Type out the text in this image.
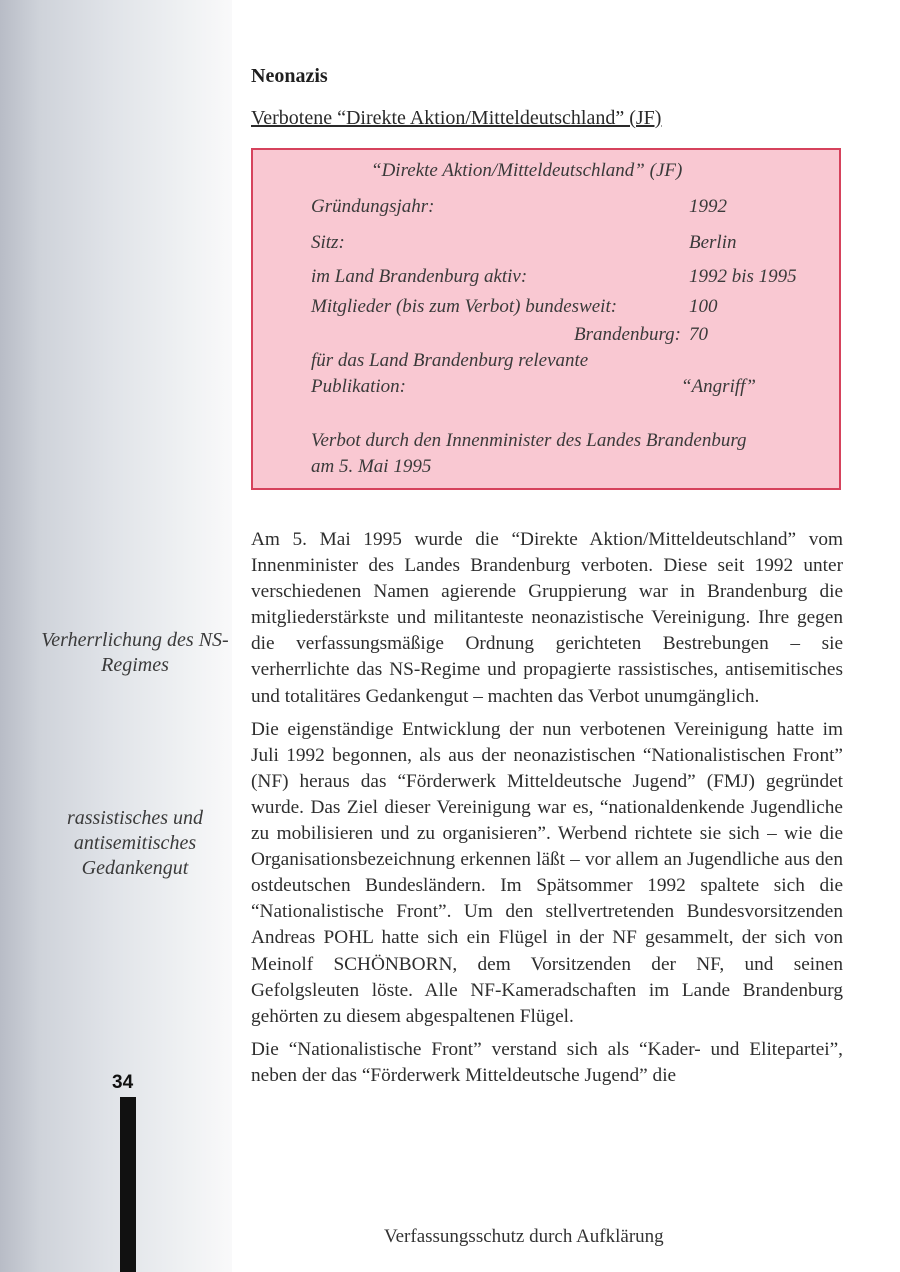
Verherrlichung des NS-Regimes
rassistisches und antisemitisches Gedankengut
34
Neonazis
Verbotene “Direkte Aktion/Mitteldeutschland” (JF)
“Direkte Aktion/Mitteldeutschland” (JF)
Gründungsjahr:	1992
Sitz:	Berlin
im Land Brandenburg aktiv:	1992 bis 1995
Mitglieder (bis zum Verbot) bundesweit:	100
Brandenburg: 70
für das Land Brandenburg relevante
Publikation:	“Angriff”
Verbot durch den Innenminister des Landes Brandenburg
am 5. Mai 1995

Am 5. Mai 1995 wurde die “Direkte Aktion/Mitteldeutschland” vom Innenminister des Landes Brandenburg verboten. Diese seit 1992 unter verschiedenen Namen agierende Gruppierung war in Brandenburg die mitgliederstärkste und militanteste neonazistische Vereinigung. Ihre gegen die verfassungsmäßige Ordnung gerichteten Bestrebungen – sie verherrlichte das NS-Regime und propagierte rassistisches, antisemitisches und totalitäres Gedankengut – machten das Verbot unumgänglich.

Die eigenständige Entwicklung der nun verbotenen Vereinigung hatte im Juli 1992 begonnen, als aus der neonazistischen “Nationalistischen Front” (NF) heraus das “Förderwerk Mitteldeutsche Jugend” (FMJ) gegründet wurde. Das Ziel dieser Vereinigung war es, “nationaldenkende Jugendliche zu mobilisieren und zu organisieren”. Werbend richtete sie sich – wie die Organisationsbezeichnung erkennen läßt – vor allem an Jugendliche aus den ostdeutschen Bundesländern. Im Spätsommer 1992 spaltete sich die “Nationalistische Front”. Um den stellvertretenden Bundesvorsitzenden Andreas POHL hatte sich ein Flügel in der NF gesammelt, der sich von Meinolf SCHÖNBORN, dem Vorsitzenden der NF, und seinen Gefolgsleuten löste. Alle NF-Kameradschaften im Lande Brandenburg gehörten zu diesem abgespaltenen Flügel.

Die “Nationalistische Front” verstand sich als “Kader- und Elitepartei”, neben der das “Förderwerk Mitteldeutsche Jugend” die

Verfassungsschutz durch Aufklärung
